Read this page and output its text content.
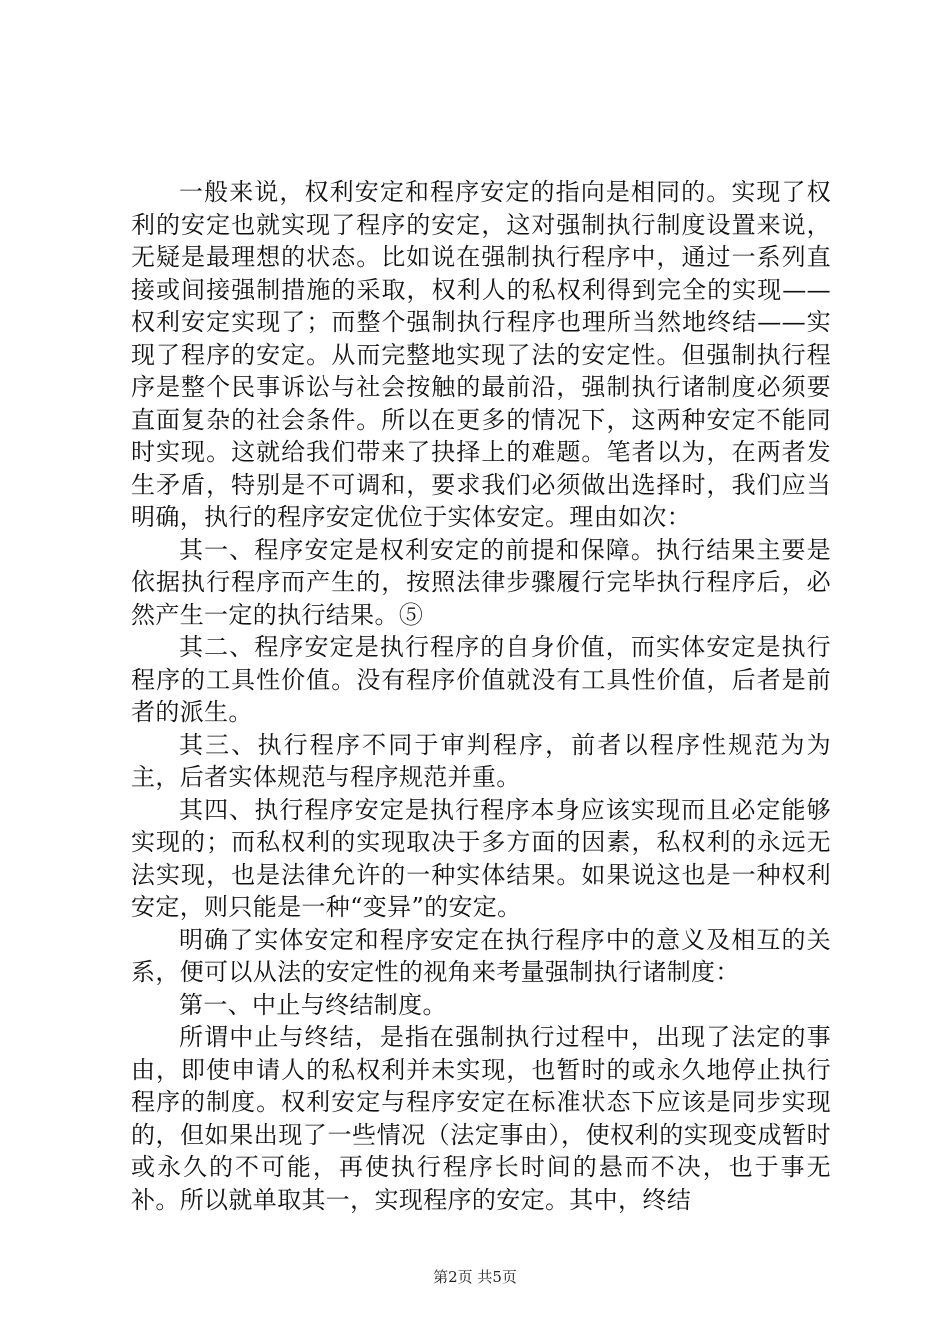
一般来说，权利安定和程序安定的指向是相同的。实现了权利的安定也就实现了程序的安定，这对强制执行制度设置来说，无疑是最理想的状态。比如说在强制执行程序中，通过一系列直接或间接强制措施的采取，权利人的私权利得到完全的实现——权利安定实现了；而整个强制执行程序也理所当然地终结——实现了程序的安定。从而完整地实现了法的安定性。但强制执行程序是整个民事诉讼与社会按触的最前沿，强制执行诸制度必须要直面复杂的社会条件。所以在更多的情况下，这两种安定不能同时实现。这就给我们带来了抉择上的难题。笔者以为，在两者发生矛盾，特别是不可调和，要求我们必须做出选择时，我们应当明确，执行的程序安定优位于实体安定。理由如次：

其一、程序安定是权利安定的前提和保障。执行结果主要是依据执行程序而产生的，按照法律步骤履行完毕执行程序后，必然产生一定的执行结果。⑤

其二、程序安定是执行程序的自身价值，而实体安定是执行程序的工具性价值。没有程序价值就没有工具性价值，后者是前者的派生。

其三、执行程序不同于审判程序，前者以程序性规范为为主，后者实体规范与程序规范并重。

其四、执行程序安定是执行程序本身应该实现而且必定能够实现的；而私权利的实现取决于多方面的因素，私权利的永远无法实现，也是法律允许的一种实体结果。如果说这也是一种权利安定，则只能是一种“变异”的安定。

明确了实体安定和程序安定在执行程序中的意义及相互的关系，便可以从法的安定性的视角来考量强制执行诸制度：

第一、中止与终结制度。

所谓中止与终结，是指在强制执行过程中，出现了法定的事由，即使申请人的私权利并未实现，也暂时的或永久地停止执行程序的制度。权利安定与程序安定在标准状态下应该是同步实现的，但如果出现了一些情况（法定事由），使权利的实现变成暂时或永久的不可能，再使执行程序长时间的悬而不决，也于事无补。所以就单取其一，实现程序的安定。其中，终结

第2页 共5页
